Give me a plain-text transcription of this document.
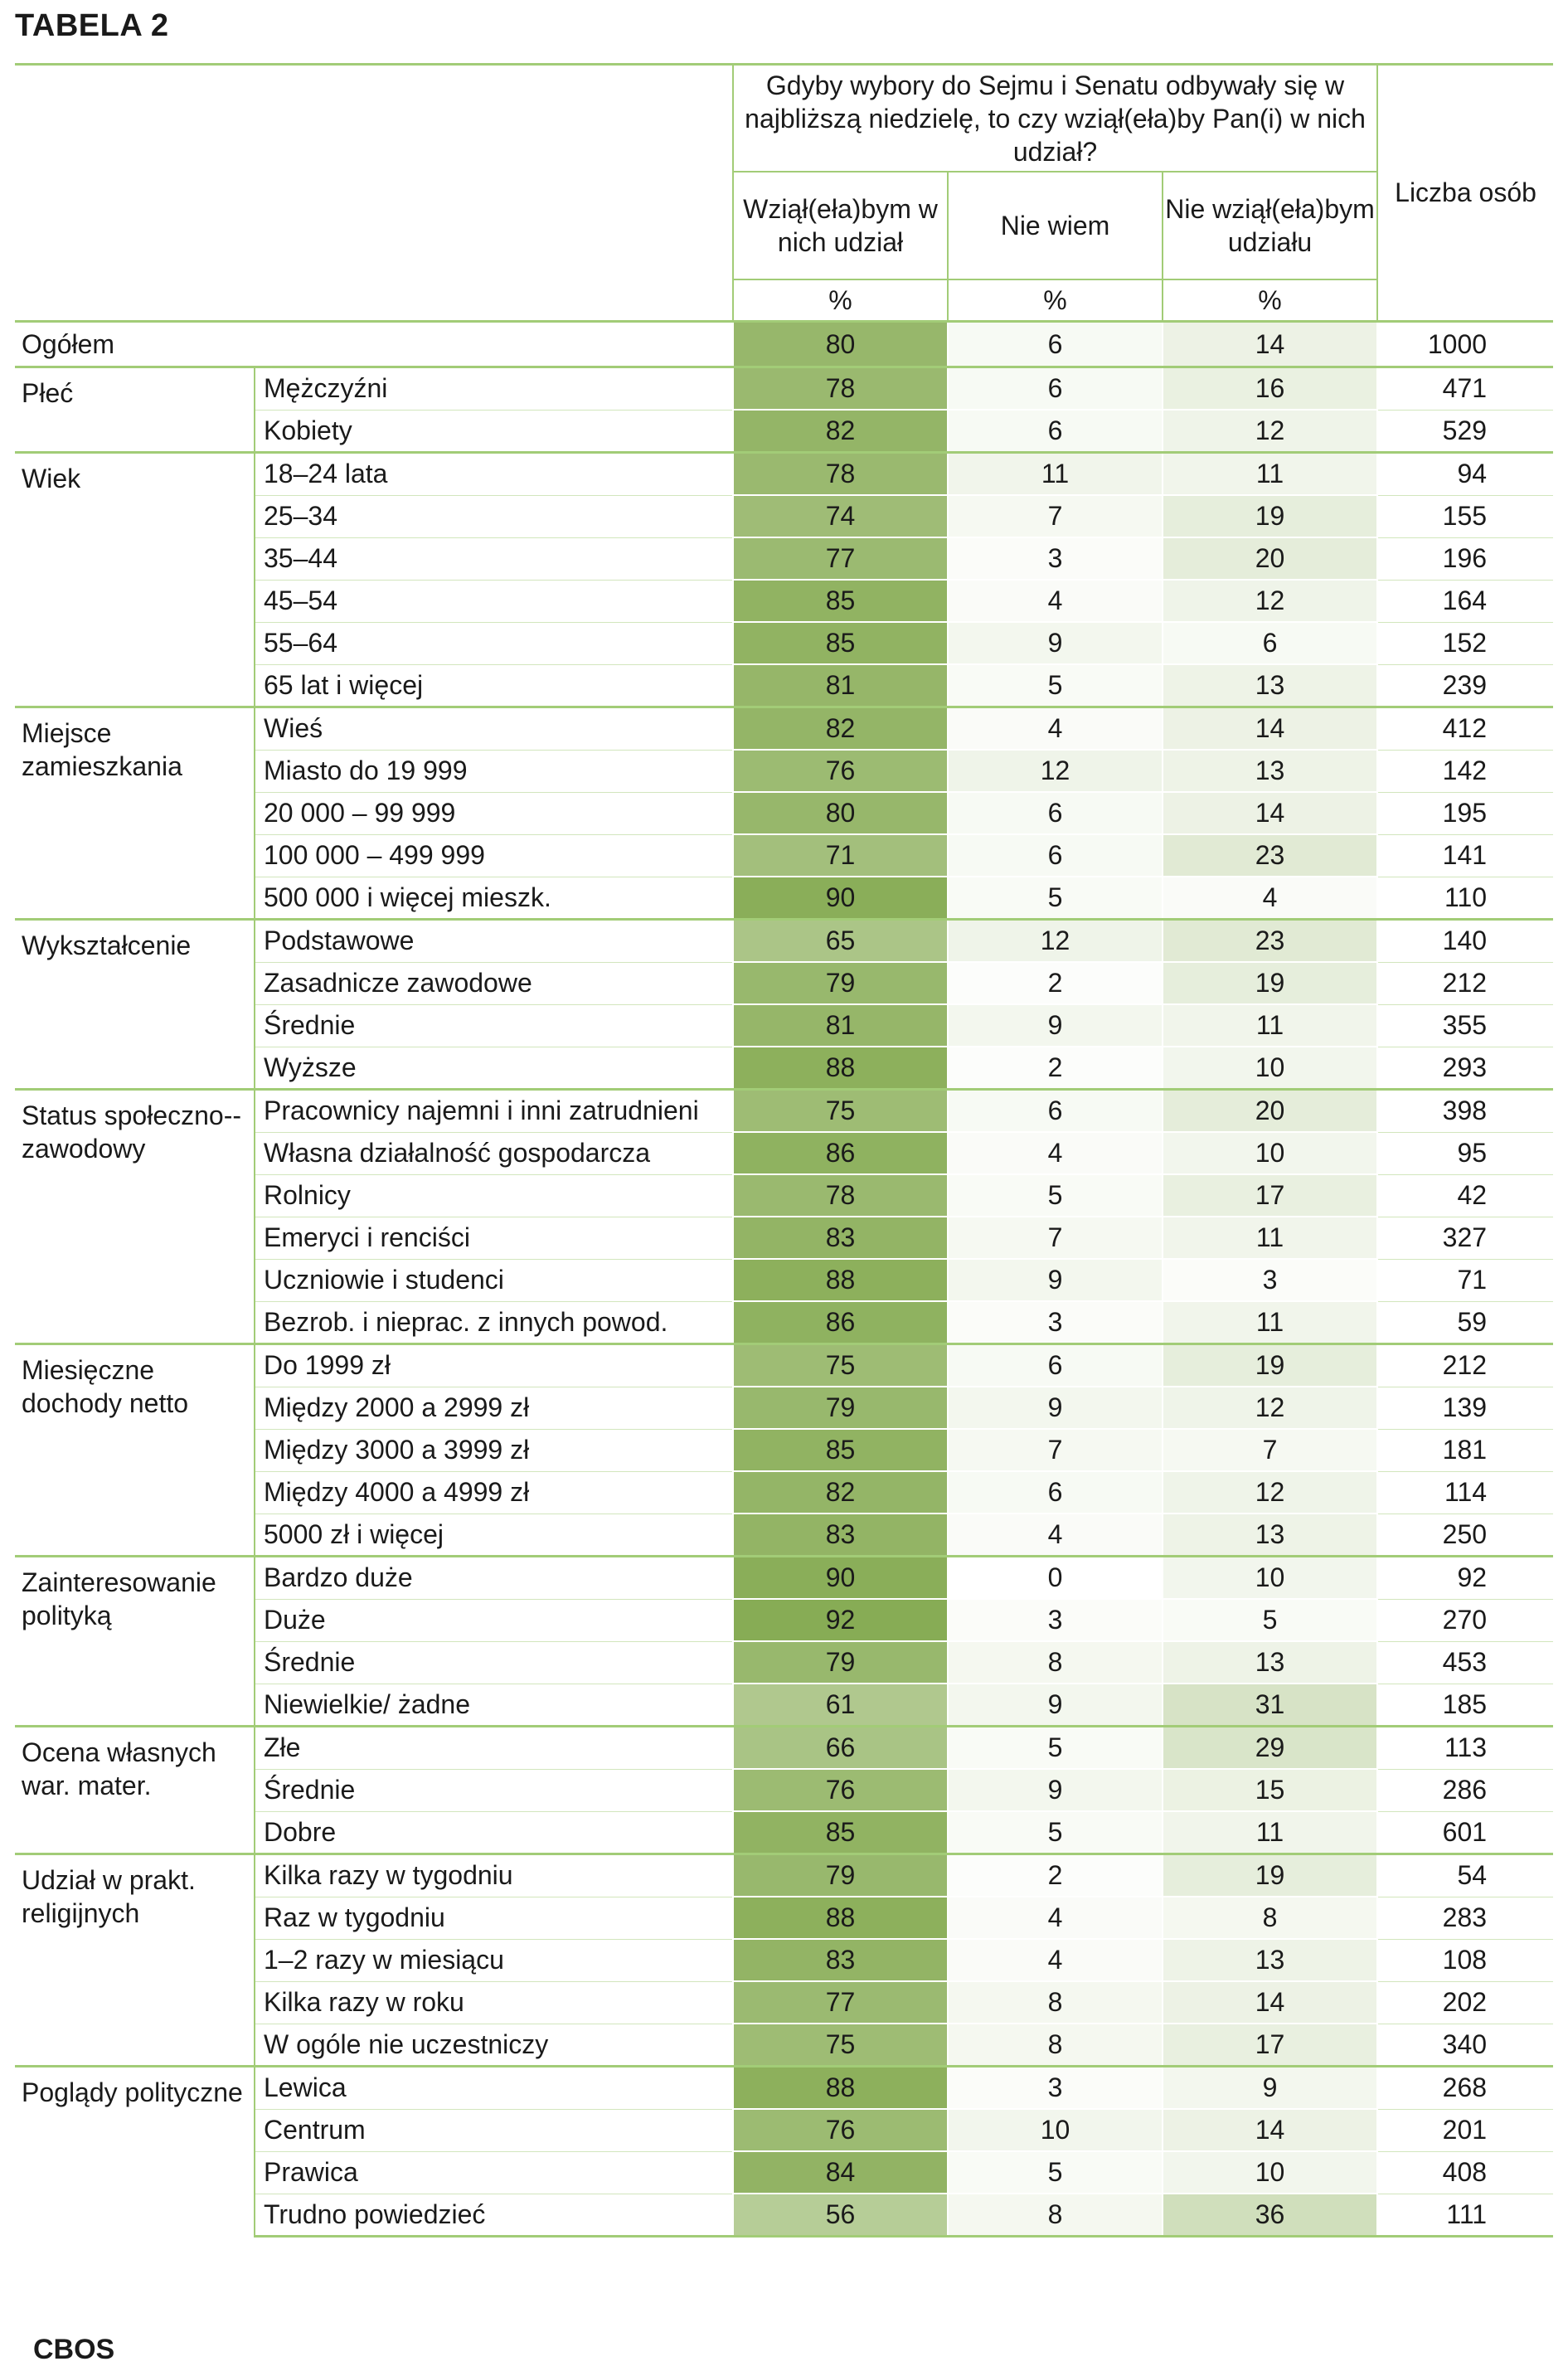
TABELA 2
		Gdyby wybory do Sejmu i Senatu odbywały się w najbliższą niedzielę, to czy wziął(eła)by Pan(i) w nich udział?			Liczba osób
		Wziął(eła)bym w nich udział	Nie wiem	Nie wziął(eła)bym udziału	
		%	%	%	
Ogółem		80	6	14	1000
Płeć	Mężczyźni	78	6	16	471
	Kobiety	82	6	12	529
Wiek	18–24 lata	78	11	11	94
	25–34	74	7	19	155
	35–44	77	3	20	196
	45–54	85	4	12	164
	55–64	85	9	6	152
	65 lat i więcej	81	5	13	239
Miejsce zamieszkania	Wieś	82	4	14	412
	Miasto do 19 999	76	12	13	142
	20 000 – 99 999	80	6	14	195
	100 000 – 499 999	71	6	23	141
	500 000 i więcej mieszk.	90	5	4	110
Wykształcenie	Podstawowe	65	12	23	140
	Zasadnicze zawodowe	79	2	19	212
	Średnie	81	9	11	355
	Wyższe	88	2	10	293
Status społeczno--zawodowy	Pracownicy najemni i inni zatrudnieni	75	6	20	398
	Własna działalność gospodarcza	86	4	10	95
	Rolnicy	78	5	17	42
	Emeryci i renciści	83	7	11	327
	Uczniowie i studenci	88	9	3	71
	Bezrob. i nieprac. z innych powod.	86	3	11	59
Miesięczne dochody netto	Do 1999 zł	75	6	19	212
	Między 2000 a 2999 zł	79	9	12	139
	Między 3000 a 3999 zł	85	7	7	181
	Między 4000 a 4999 zł	82	6	12	114
	5000 zł i więcej	83	4	13	250
Zainteresowanie polityką	Bardzo duże	90	0	10	92
	Duże	92	3	5	270
	Średnie	79	8	13	453
	Niewielkie/ żadne	61	9	31	185
Ocena własnych war. mater.	Złe	66	5	29	113
	Średnie	76	9	15	286
	Dobre	85	5	11	601
Udział w prakt. religijnych	Kilka razy w tygodniu	79	2	19	54
	Raz w tygodniu	88	4	8	283
	1–2 razy w miesiącu	83	4	13	108
	Kilka razy w roku	77	8	14	202
	W ogóle nie uczestniczy	75	8	17	340
Poglądy polityczne	Lewica	88	3	9	268
	Centrum	76	10	14	201
	Prawica	84	5	10	408
	Trudno powiedzieć	56	8	36	111
CBOS
